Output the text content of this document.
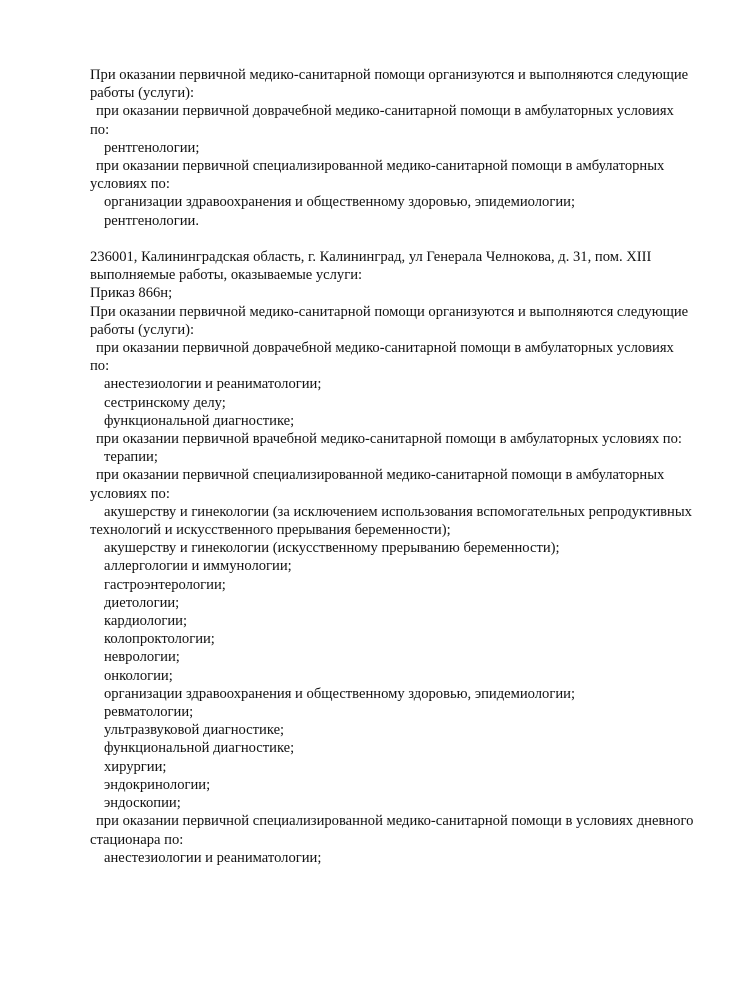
При оказании первичной медико-санитарной помощи организуются и выполняются следующие
работы (услуги):
при оказании первичной доврачебной медико-санитарной помощи в амбулаторных условиях
по:
рентгенологии;
при оказании первичной специализированной медико-санитарной помощи в амбулаторных
условиях по:
организации здравоохранения и общественному здоровью, эпидемиологии;
рентгенологии.
236001, Калининградская область, г. Калининград, ул Генерала Челнокова, д. 31, пом. XIII
выполняемые работы, оказываемые услуги:
Приказ 866н;
При оказании первичной медико-санитарной помощи организуются и выполняются следующие
работы (услуги):
при оказании первичной доврачебной медико-санитарной помощи в амбулаторных условиях
по:
анестезиологии и реаниматологии;
сестринскому делу;
функциональной диагностике;
при оказании первичной врачебной медико-санитарной помощи в амбулаторных условиях по:
терапии;
при оказании первичной специализированной медико-санитарной помощи в амбулаторных
условиях по:
акушерству и гинекологии (за исключением использования вспомогательных репродуктивных
технологий и искусственного прерывания беременности);
акушерству и гинекологии (искусственному прерыванию беременности);
аллергологии и иммунологии;
гастроэнтерологии;
диетологии;
кардиологии;
колопроктологии;
неврологии;
онкологии;
организации здравоохранения и общественному здоровью, эпидемиологии;
ревматологии;
ультразвуковой диагностике;
функциональной диагностике;
хирургии;
эндокринологии;
эндоскопии;
при оказании первичной специализированной медико-санитарной помощи в условиях дневного
стационара по:
анестезиологии и реаниматологии;
